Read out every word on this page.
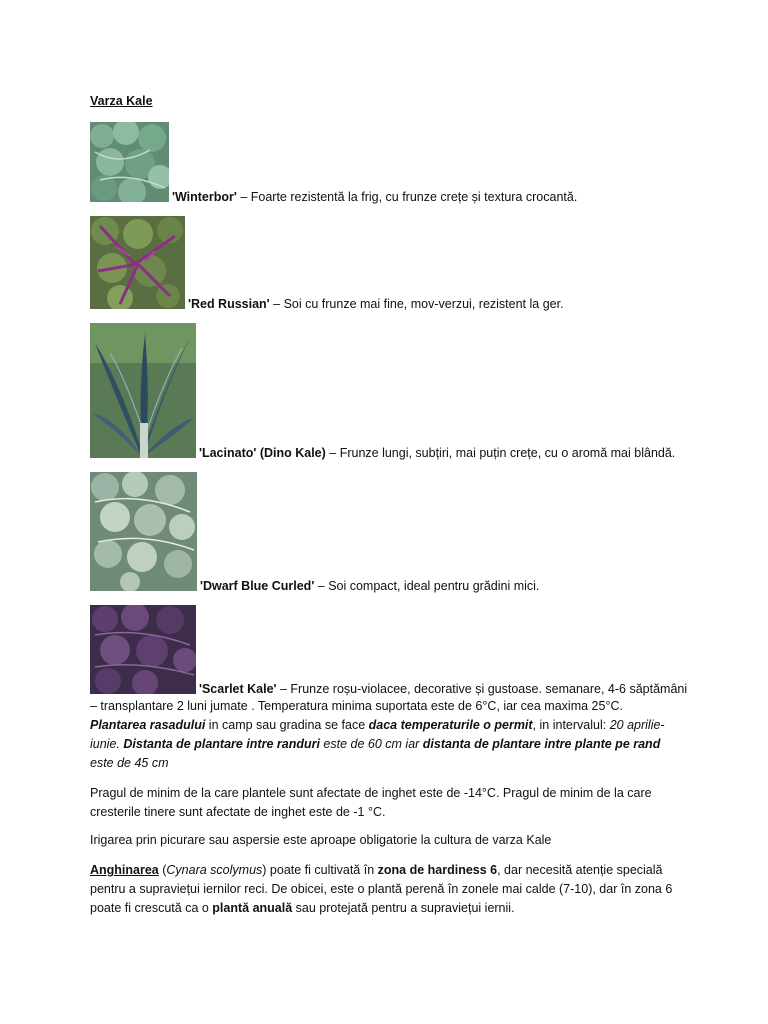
Varza Kale
'Winterbor' – Foarte rezistentă la frig, cu frunze crețe și textura crocantă.
'Red Russian' – Soi cu frunze mai fine, mov-verzui, rezistent la ger.
'Lacinato' (Dino Kale) – Frunze lungi, subțiri, mai puțin crețe, cu o aromă mai blândă.
'Dwarf Blue Curled' – Soi compact, ideal pentru grădini mici.
'Scarlet Kale' – Frunze roșu-violacee, decorative și gustoase. semanare, 4-6 săptămâni
– transplantare 2 luni jumate . Temperatura minima suportata este de 6°C, iar cea maxima 25°C.
Plantarea rasadului in camp sau gradina se face daca temperaturile o permit, in intervalul: 20 aprilie-iunie. Distanta de plantare intre randuri este de 60 cm iar distanta de plantare intre plante pe rand este de 45 cm
Pragul de minim de la care plantele sunt afectate de inghet este de -14°C. Pragul de minim de la care cresterile tinere sunt afectate de inghet este de -1 °C.
Irigarea prin picurare sau aspersie este aproape obligatorie la cultura de varza Kale
Anghinarea (Cynara scolymus) poate fi cultivată în zona de hardiness 6, dar necesită atenție specială pentru a supraviețui iernilor reci. De obicei, este o plantă perenă în zonele mai calde (7-10), dar în zona 6 poate fi crescută ca o plantă anuală sau protejată pentru a supraviețui iernii.
